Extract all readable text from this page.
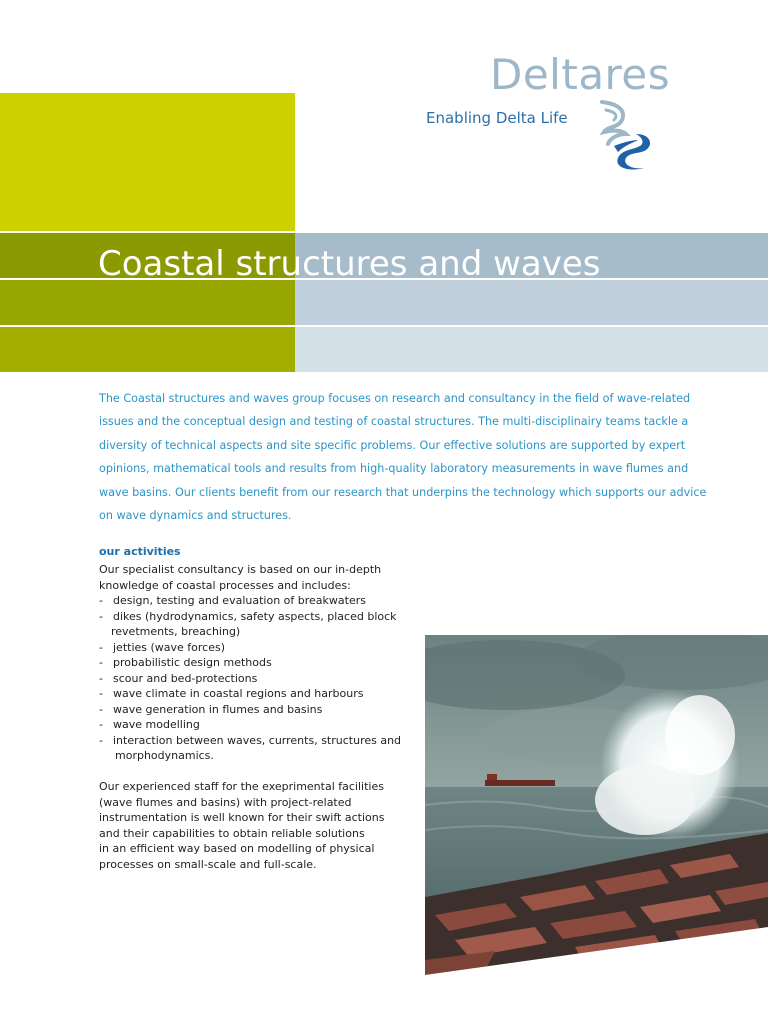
Deltares
Enabling Delta Life
Coastal structures and waves
The Coastal structures and waves group focuses on research and consultancy in the field of wave-related
issues and the conceptual design and testing of coastal structures. The multi-disciplinairy teams tackle a
diversity of technical aspects and site specific problems. Our effective solutions are supported by expert
opinions, mathematical tools and results from high-quality laboratory measurements in wave flumes and
wave basins. Our clients benefit from our research that underpins the technology which supports our advice
on wave dynamics and structures.
our activities
Our specialist consultancy is based on our in-depth
knowledge of coastal processes and includes:
- design, testing and evaluation of breakwaters
- dikes (hydrodynamics, safety aspects, placed block
revetments, breaching)
- jetties (wave forces)
- probabilistic design methods
- scour and bed-protections
- wave climate in coastal regions and harbours
- wave generation in flumes and basins
- wave modelling
- interaction between waves, currents, structures and
morphodynamics.
Our experienced staff for the exeprimental facilities
(wave flumes and basins) with project-related
instrumentation is well known for their swift actions
and their capabilities to obtain reliable solutions
in an efficient way based on modelling of physical
processes on small-scale and full-scale.
